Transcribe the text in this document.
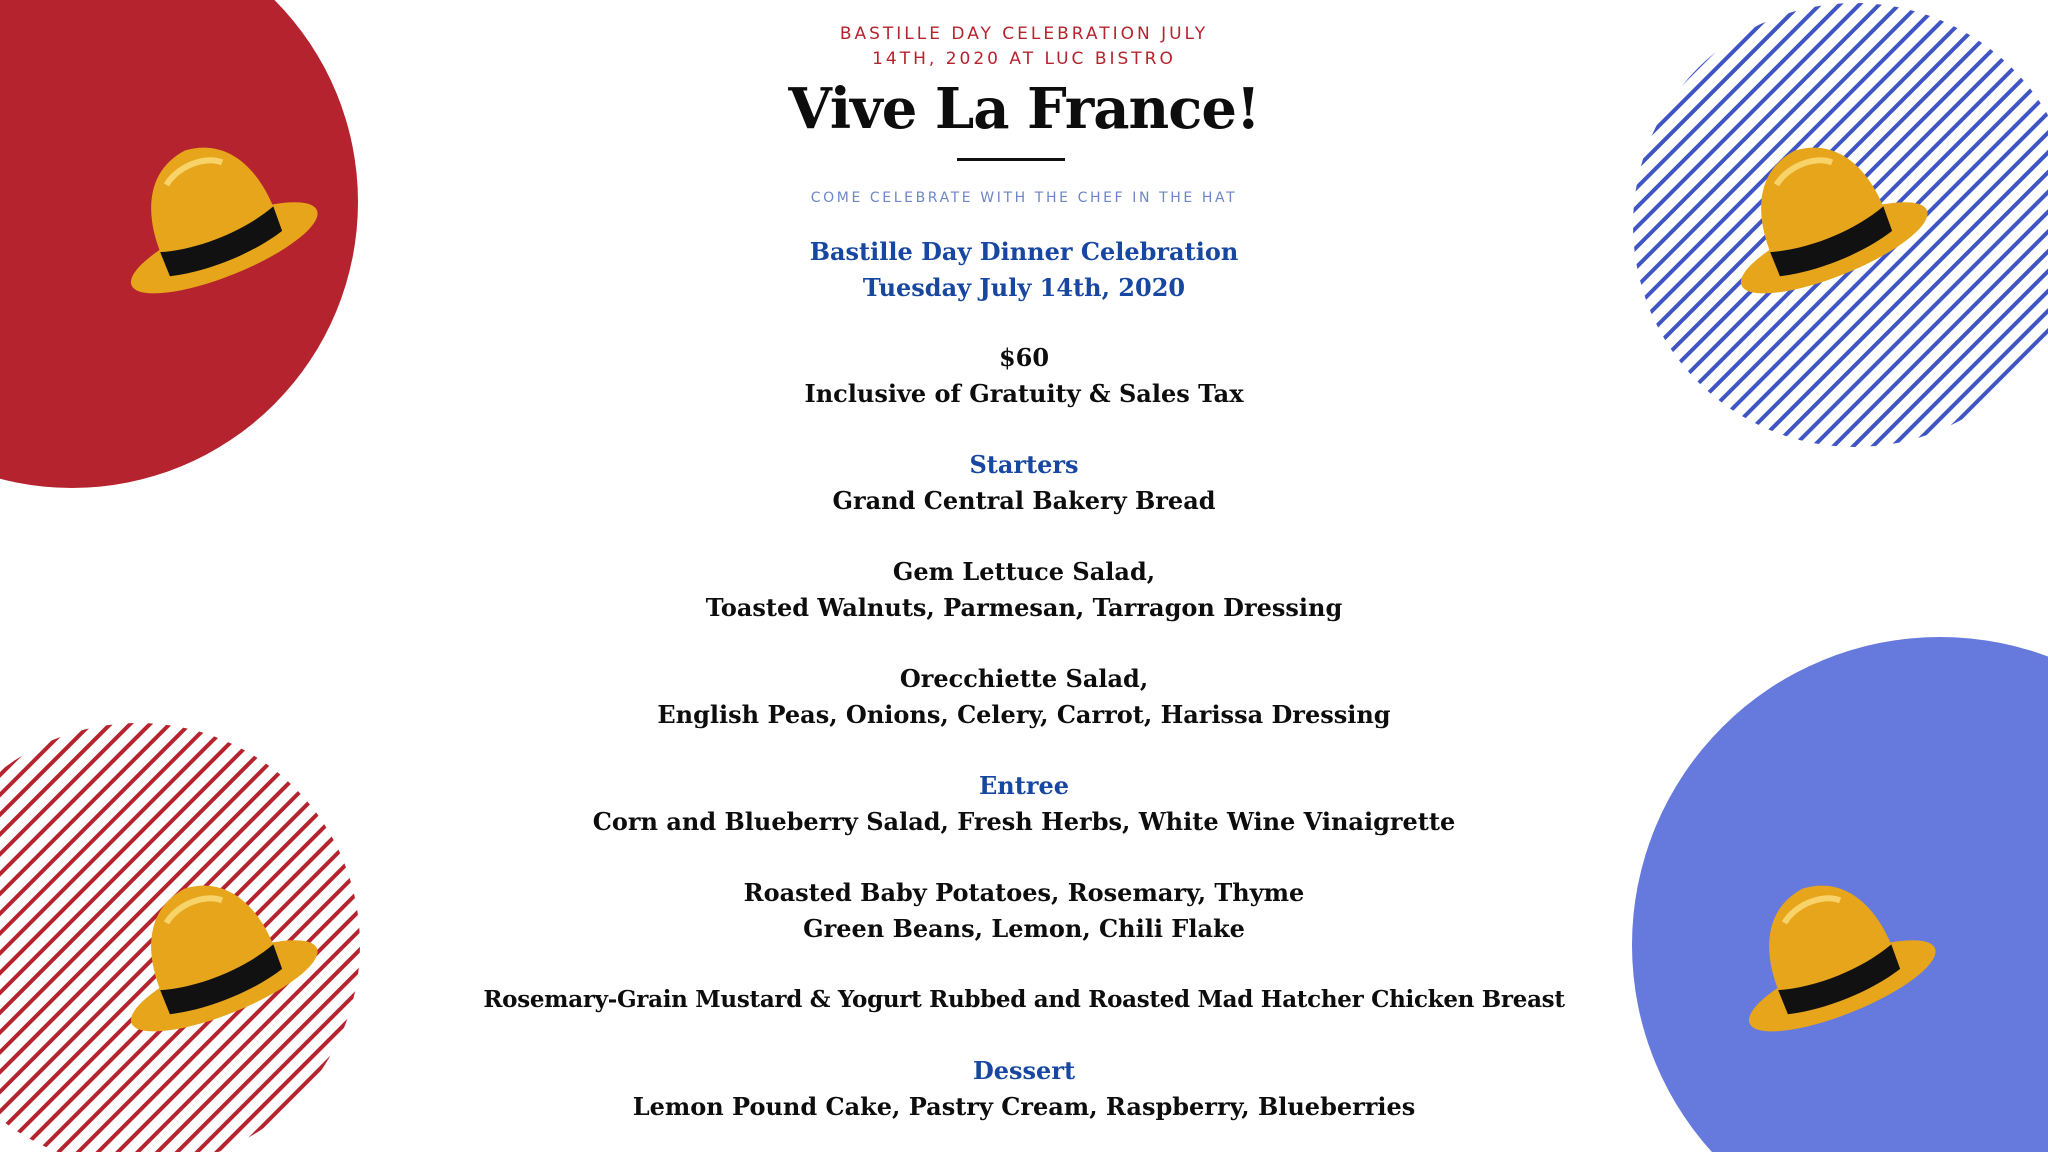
BASTILLE DAY CELEBRATION JULY
14TH, 2020 AT LUC BISTRO
Vive La France!
COME CELEBRATE WITH THE CHEF IN THE HAT
Bastille Day Dinner Celebration
Tuesday July 14th, 2020
$60
Inclusive of Gratuity & Sales Tax
Starters
Grand Central Bakery Bread
Gem Lettuce Salad,
Toasted Walnuts, Parmesan, Tarragon Dressing
Orecchiette Salad,
English Peas, Onions, Celery, Carrot, Harissa Dressing
Entree
Corn and Blueberry Salad, Fresh Herbs, White Wine Vinaigrette
Roasted Baby Potatoes, Rosemary, Thyme
Green Beans, Lemon, Chili Flake
Rosemary-Grain Mustard & Yogurt Rubbed and Roasted Mad Hatcher Chicken Breast
Dessert
Lemon Pound Cake, Pastry Cream, Raspberry, Blueberries
